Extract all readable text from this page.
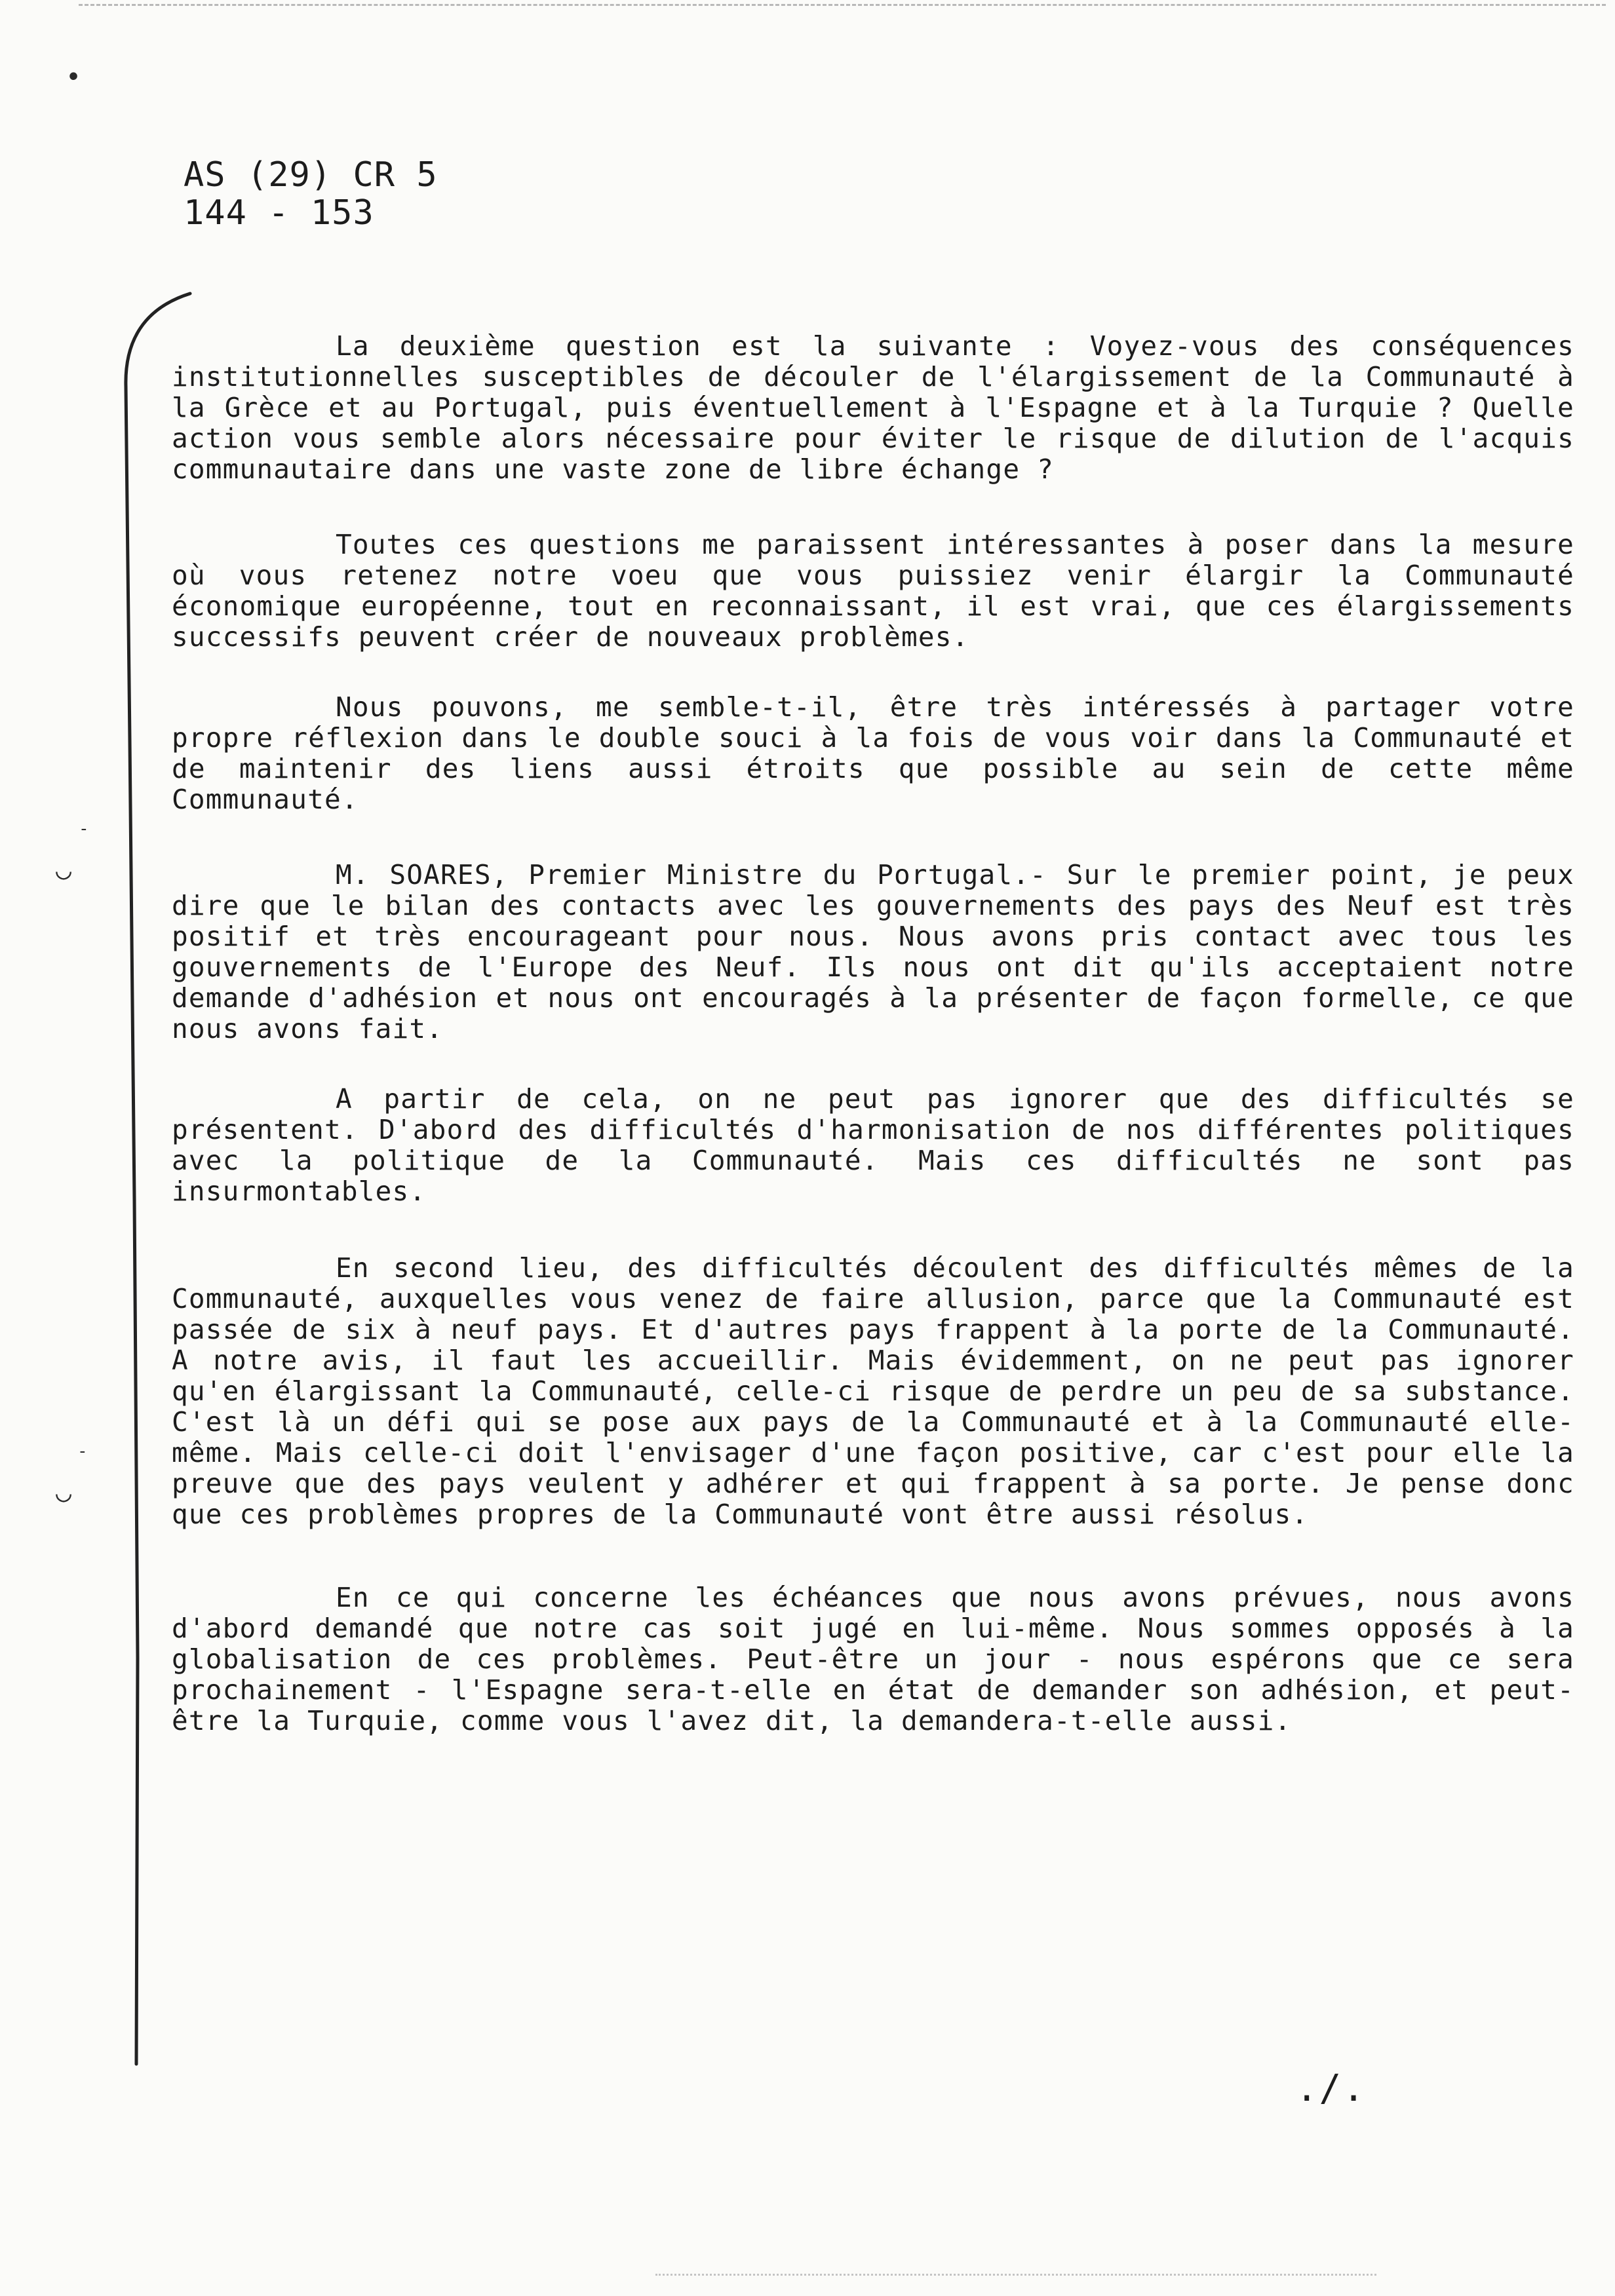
AS (29) CR 5
144 - 153
•
◡
◡
-
-

La deuxième question est la suivante : Voyez-vous des conséquences institutionnelles susceptibles de découler de l'élargissement de la Communauté à la Grèce et au Portugal, puis éventuellement à l'Espagne et à la Turquie ? Quelle action vous semble alors nécessaire pour éviter le risque de dilution de l'acquis communautaire dans une vaste zone de libre échange ?

Toutes ces questions me paraissent intéressantes à poser dans la mesure où vous retenez notre voeu que vous puissiez venir élargir la Communauté économique européenne, tout en reconnaissant, il est vrai, que ces élargissements successifs peuvent créer de nouveaux problèmes.

Nous pouvons, me semble-t-il, être très intéressés à partager votre propre réflexion dans le double souci à la fois de vous voir dans la Communauté et de maintenir des liens aussi étroits que possible au sein de cette même Communauté.

M. SOARES, Premier Ministre du Portugal.- Sur le premier point, je peux dire que le bilan des contacts avec les gouvernements des pays des Neuf est très positif et très encourageant pour nous. Nous avons pris contact avec tous les gouvernements de l'Europe des Neuf. Ils nous ont dit qu'ils acceptaient notre demande d'adhésion et nous ont encouragés à la présenter de façon formelle, ce que nous avons fait.

A partir de cela, on ne peut pas ignorer que des difficultés se présentent. D'abord des difficultés d'harmonisation de nos différentes politiques avec la politique de la Communauté. Mais ces difficultés ne sont pas insurmontables.

En second lieu, des difficultés découlent des difficultés mêmes de la Communauté, auxquelles vous venez de faire allusion, parce que la Communauté est passée de six à neuf pays. Et d'autres pays frappent à la porte de la Communauté. A notre avis, il faut les accueillir. Mais évidemment, on ne peut pas ignorer qu'en élargissant la Communauté, celle-ci risque de perdre un peu de sa substance. C'est là un défi qui se pose aux pays de la Communauté et à la Communauté elle-même. Mais celle-ci doit l'envisager d'une façon positive, car c'est pour elle la preuve que des pays veulent y adhérer et qui frappent à sa porte. Je pense donc que ces problèmes propres de la Communauté vont être aussi résolus.

En ce qui concerne les échéances que nous avons prévues, nous avons d'abord demandé que notre cas soit jugé en lui-même. Nous sommes opposés à la globalisation de ces problèmes. Peut-être un jour - nous espérons que ce sera prochainement - l'Espagne sera-t-elle en état de demander son adhésion, et peut-être la Turquie, comme vous l'avez dit, la demandera-t-elle aussi.

./.
